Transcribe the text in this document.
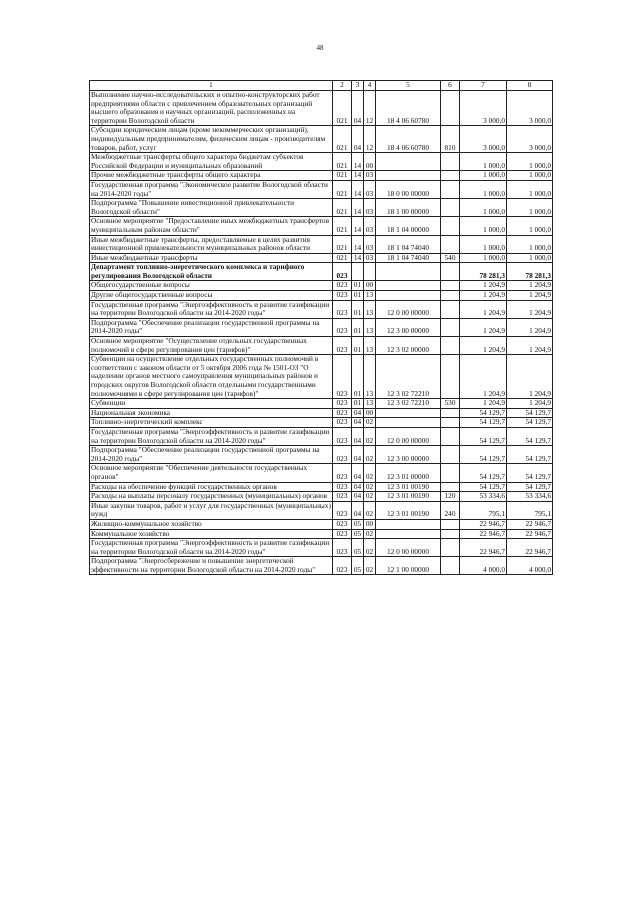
48
1	2	3	4	5	6	7	8
Выполнение научно-исследовательских и опытно-конструкторских работ предприятиями области с привлечением образовательных организаций высшего образования и научных организаций, расположенных на территории Вологодской области	021	04	12	18 4 06 60780		3 000,0	3 000,0
Субсидии юридическим лицам (кроме некоммерческих организаций), индивидуальным предпринимателям, физическим лицам - производителям товаров, работ, услуг	021	04	12	18 4 06 60780	810	3 000,0	3 000,0
Межбюджетные трансферты общего характера бюджетам субъектов Российской Федерации и муниципальных образований	021	14	00			1 000,0	1 000,0
Прочие межбюджетные трансферты общего характера	021	14	03			1 000,0	1 000,0
Государственная программа "Экономическое развитие Вологодской области на 2014-2020 годы"	021	14	03	18 0 00 00000		1 000,0	1 000,0
Подпрограмма "Повышение инвестиционной привлекательности Вологодской области"	021	14	03	18 1 00 00000		1 000,0	1 000,0
Основное мероприятие "Предоставление иных межбюджетных трансфертов муниципальным районам области"	021	14	03	18 1 04 00000		1 000,0	1 000,0
Иные межбюджетные трансферты, предоставляемые в целях развития инвестиционной привлекательности муниципальных районов области	021	14	03	18 1 04 74040		1 000,0	1 000,0
Иные межбюджетные трансферты	021	14	03	18 1 04 74040	540	1 000,0	1 000,0
Департамент топливно-энергетического комплекса и тарифного регулирования Вологодской области	023					78 281,3	78 281,3
Общегосударственные вопросы	023	01	00			1 204,9	1 204,9
Другие общегосударственные вопросы	023	01	13			1 204,9	1 204,9
Государственная программа "Энергоэффективность и развитие газификации на территории Вологодской области на 2014-2020 годы"	023	01	13	12 0 00 00000		1 204,9	1 204,9
Подпрограмма "Обеспечение реализации государственной программы на 2014-2020 годы"	023	01	13	12 3 00 00000		1 204,9	1 204,9
Основное мероприятие "Осуществление отдельных государственных полномочий в сфере регулирования цен (тарифов)"	023	01	13	12 3 02 00000		1 204,9	1 204,9
Субвенции на осуществление отдельных государственных полномочий в соответствии с законом области от 5 октября 2006 года № 1501-ОЗ "О наделении органов местного самоуправления муниципальных районов и городских округов Вологодской области отдельными государственными полномочиями в сфере регулирования цен (тарифов)"	023	01	13	12 3 02 72210		1 204,9	1 204,9
Субвенции	023	01	13	12 3 02 72210	530	1 204,9	1 204,9
Национальная экономика	023	04	00			54 129,7	54 129,7
Топливно-энергетический комплекс	023	04	02			54 129,7	54 129,7
Государственная программа "Энергоэффективность и развитие газификации на территории Вологодской области на 2014-2020 годы"	023	04	02	12 0 00 00000		54 129,7	54 129,7
Подпрограмма "Обеспечение реализации государственной программы на 2014-2020 годы"	023	04	02	12 3 00 00000		54 129,7	54 129,7
Основное мероприятие "Обеспечение деятельности государственных органов"	023	04	02	12 3 01 00000		54 129,7	54 129,7
Расходы на обеспечение функций государственных органов	023	04	02	12 3 01 00190		54 129,7	54 129,7
Расходы на выплаты персоналу государственных (муниципальных) органов	023	04	02	12 3 01 00190	120	53 334,6	53 334,6
Иные закупки товаров, работ и услуг для государственных (муниципальных) нужд	023	04	02	12 3 01 00190	240	795,1	795,1
Жилищно-коммунальное хозяйство	023	05	00			22 946,7	22 946,7
Коммунальное хозяйство	023	05	02			22 946,7	22 946,7
Государственная программа "Энергоэффективность и развитие газификации на территории Вологодской области на 2014-2020 годы"	023	05	02	12 0 00 00000		22 946,7	22 946,7
Подпрограмма "Энергосбережение и повышение энергетической эффективности на территории Вологодской области на 2014-2020 годы"	023	05	02	12 1 00 00000		4 000,0	4 000,0
